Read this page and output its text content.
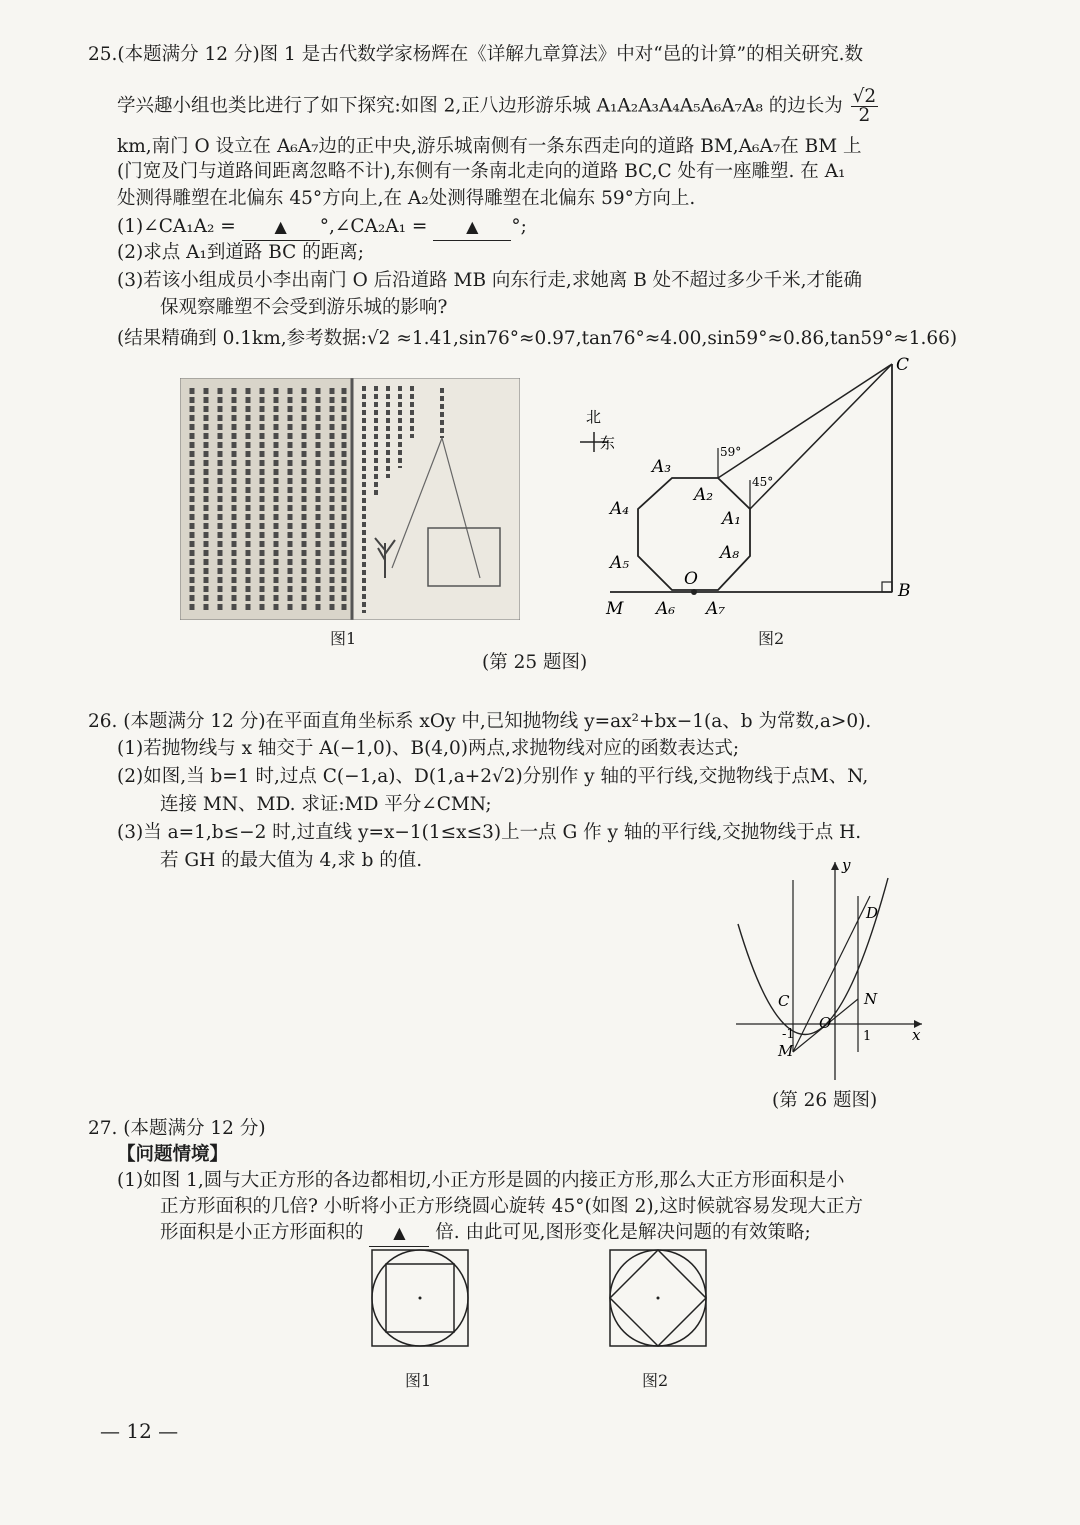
25.(本题满分 12 分)图 1 是古代数学家杨辉在《详解九章算法》中对“邑的计算”的相关研究.数
学兴趣小组也类比进行了如下探究:如图 2,正八边形游乐城 A₁A₂A₃A₄A₅A₆A₇A₈ 的边长为 $\frac{√2}{2}$
km,南门 O 设立在 A₆A₇边的正中央,游乐城南侧有一条东西走向的道路 BM,A₆A₇在 BM 上
(门宽及门与道路间距离忽略不计),东侧有一条南北走向的道路 BC,C 处有一座雕塑. 在 A₁
处测得雕塑在北偏东 45°方向上,在 A₂处测得雕塑在北偏东 59°方向上.
(1)∠CA₁A₂ = ▲ °,∠CA₂A₁ = ▲ °;
(2)求点 A₁到道路 BC 的距离;
(3)若该小组成员小李出南门 O 后沿道路 MB 向东行走,求她离 B 处不超过多少千米,才能确
保观察雕塑不会受到游乐城的影响?
(结果精确到 0.1km,参考数据:√2 ≈1.41,sin76°≈0.97,tan76°≈4.00,sin59°≈0.86,tan59°≈1.66)
图1
北
东	59°
45°
C
B
M
O
A₃
A₂
A₁
A₄
A₈
A₅
A₆ A₇
图2
(第 25 题图)
26. (本题满分 12 分)在平面直角坐标系 xOy 中,已知抛物线 y=ax²+bx−1(a、b 为常数,a>0).
(1)若抛物线与 x 轴交于 A(−1,0)、B(4,0)两点,求抛物线对应的函数表达式;
(2)如图,当 b=1 时,过点 C(−1,a)、D(1,a+2√2)分别作 y 轴的平行线,交抛物线于点M、N,
连接 MN、MD. 求证:MD 平分∠CMN;
(3)当 a=1,b≤−2 时,过直线 y=x−1(1≤x≤3)上一点 G 作 y 轴的平行线,交抛物线于点 H.
若 GH 的最大值为 4,求 b 的值.	y
x
D
C	N
O
M
-1	1
(第 26 题图)
27. (本题满分 12 分)
【问题情境】
(1)如图 1,圆与大正方形的各边都相切,小正方形是圆的内接正方形,那么大正方形面积是小
正方形面积的几倍? 小昕将小正方形绕圆心旋转 45°(如图 2),这时候就容易发现大正方
形面积是小正方形面积的 ▲ 倍. 由此可见,图形变化是解决问题的有效策略;
图1	图2
— 12 —
